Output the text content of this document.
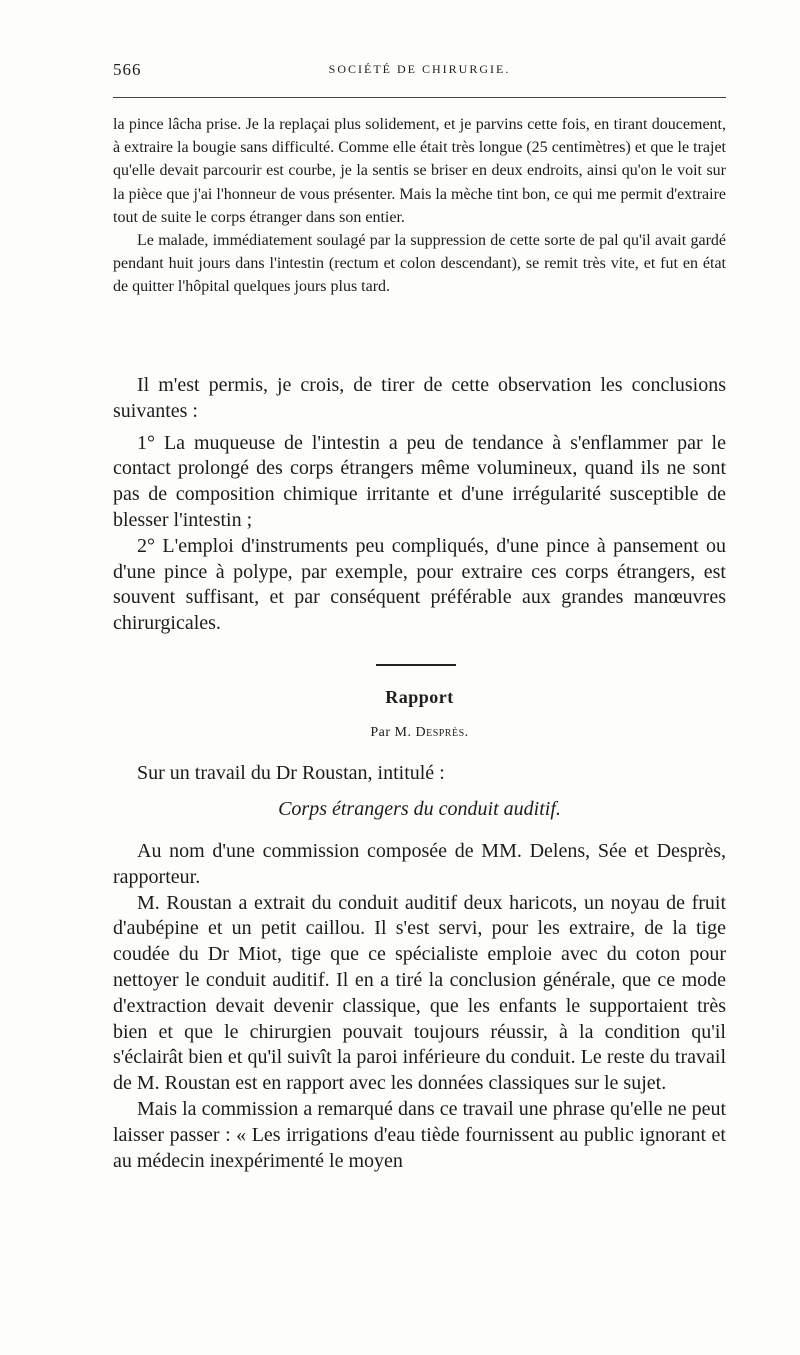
566	SOCIÉTÉ DE CHIRURGIE.

la pince lâcha prise. Je la replaçai plus solidement, et je parvins cette fois, en tirant doucement, à extraire la bougie sans difficulté. Comme elle était très longue (25 centimètres) et que le trajet qu'elle devait parcourir est courbe, je la sentis se briser en deux endroits, ainsi qu'on le voit sur la pièce que j'ai l'honneur de vous présenter. Mais la mèche tint bon, ce qui me permit d'extraire tout de suite le corps étranger dans son entier.

Le malade, immédiatement soulagé par la suppression de cette sorte de pal qu'il avait gardé pendant huit jours dans l'intestin (rectum et colon descendant), se remit très vite, et fut en état de quitter l'hôpital quelques jours plus tard.

Il m'est permis, je crois, de tirer de cette observation les conclusions suivantes :

1° La muqueuse de l'intestin a peu de tendance à s'enflammer par le contact prolongé des corps étrangers même volumineux, quand ils ne sont pas de composition chimique irritante et d'une irrégularité susceptible de blesser l'intestin ;

2° L'emploi d'instruments peu compliqués, d'une pince à pansement ou d'une pince à polype, par exemple, pour extraire ces corps étrangers, est souvent suffisant, et par conséquent préférable aux grandes manœuvres chirurgicales.

Rapport
Par M. Desprès.
Sur un travail du Dr Roustan, intitulé :
Corps étrangers du conduit auditif.

Au nom d'une commission composée de MM. Delens, Sée et Desprès, rapporteur.

M. Roustan a extrait du conduit auditif deux haricots, un noyau de fruit d'aubépine et un petit caillou. Il s'est servi, pour les extraire, de la tige coudée du Dr Miot, tige que ce spécialiste emploie avec du coton pour nettoyer le conduit auditif. Il en a tiré la conclusion générale, que ce mode d'extraction devait devenir classique, que les enfants le supportaient très bien et que le chirurgien pouvait toujours réussir, à la condition qu'il s'éclairât bien et qu'il suivît la paroi inférieure du conduit. Le reste du travail de M. Roustan est en rapport avec les données classiques sur le sujet.

Mais la commission a remarqué dans ce travail une phrase qu'elle ne peut laisser passer : « Les irrigations d'eau tiède fournissent au public ignorant et au médecin inexpérimenté le moyen
